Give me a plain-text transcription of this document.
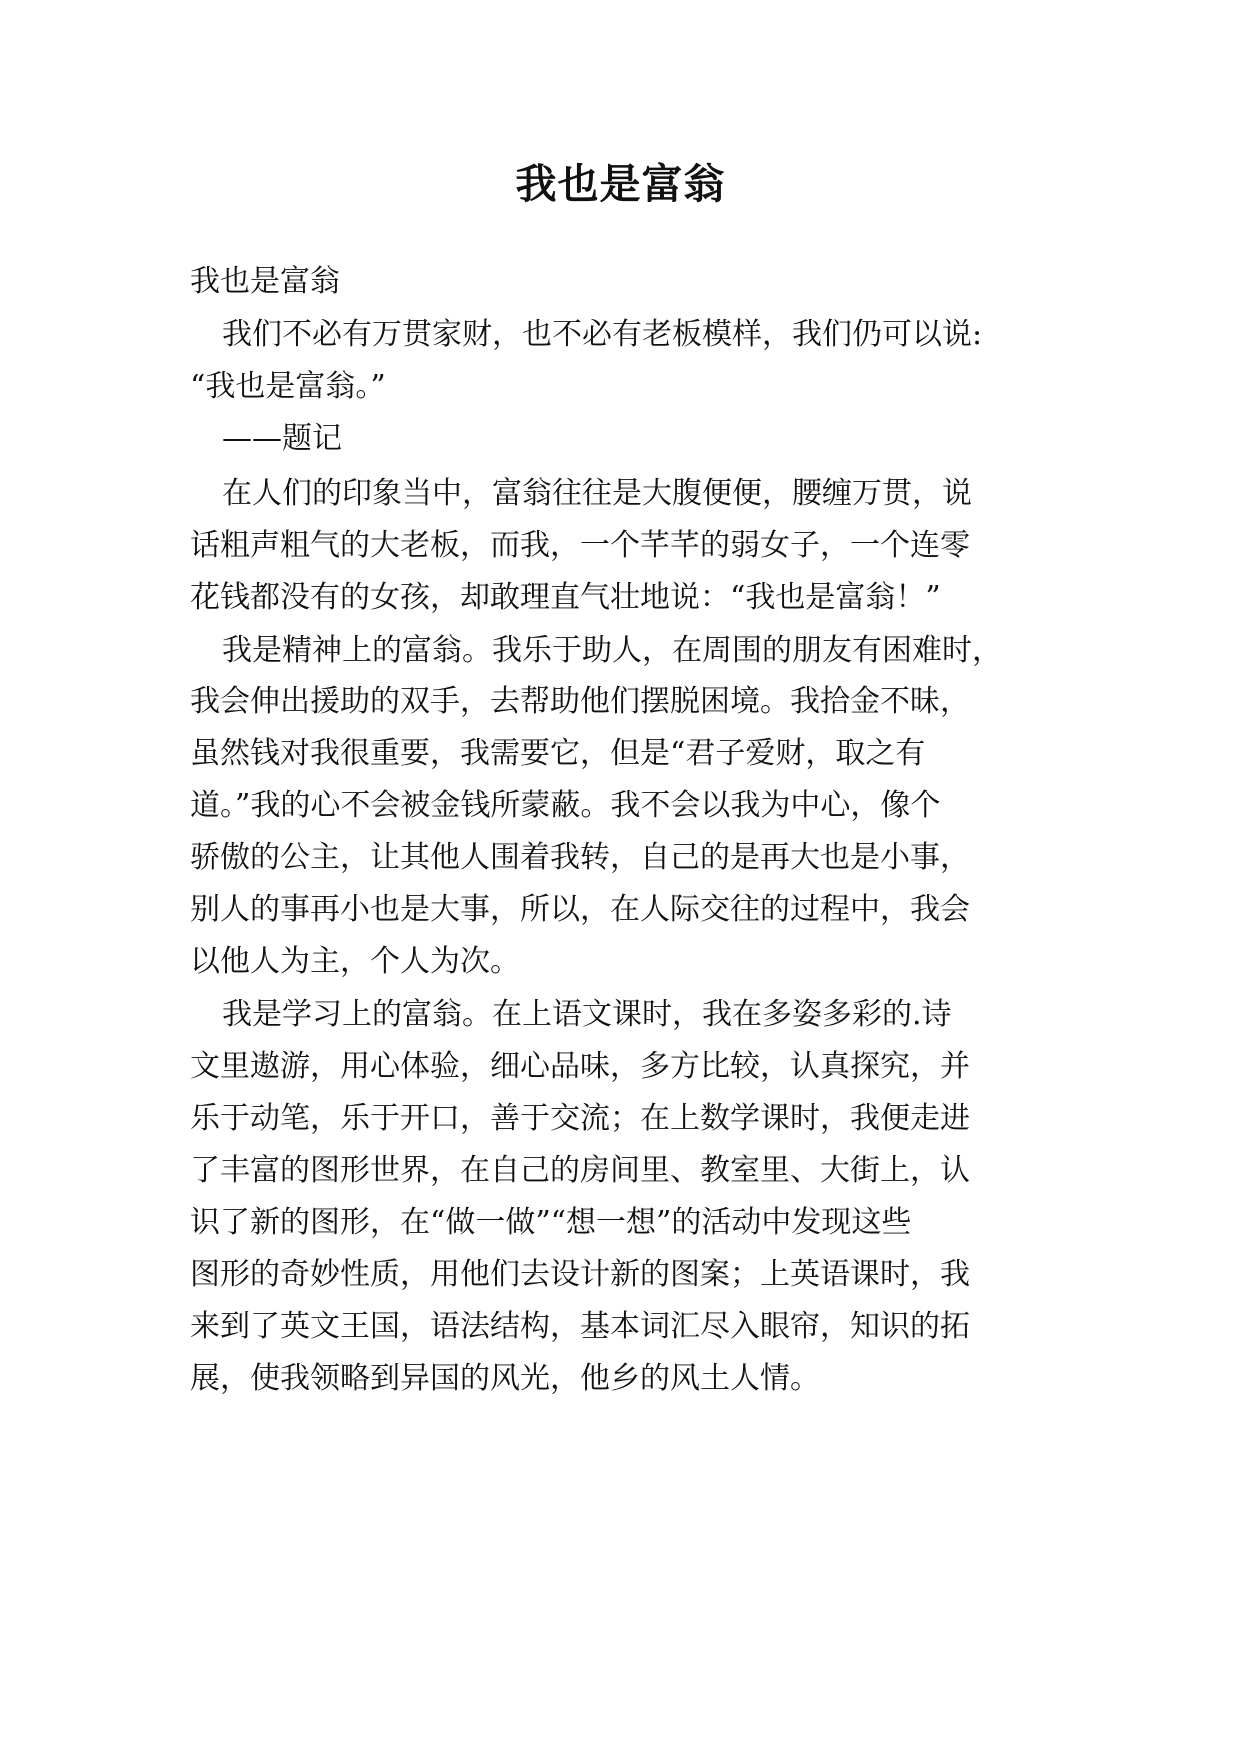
我也是富翁
我也是富翁
我们不必有万贯家财，也不必有老板模样，我们仍可以说:
“我也是富翁。”
——题记
在人们的印象当中，富翁往往是大腹便便，腰缠万贯，说
话粗声粗气的大老板，而我，一个芊芊的弱女子，一个连零
花钱都没有的女孩，却敢理直气壮地说：“我也是富翁！”
我是精神上的富翁。我乐于助人，在周围的朋友有困难时，
我会伸出援助的双手，去帮助他们摆脱困境。我拾金不昧，
虽然钱对我很重要，我需要它，但是“君子爱财，取之有
道。”我的心不会被金钱所蒙蔽。我不会以我为中心，像个
骄傲的公主，让其他人围着我转，自己的是再大也是小事，
别人的事再小也是大事，所以，在人际交往的过程中，我会
以他人为主，个人为次。
我是学习上的富翁。在上语文课时，我在多姿多彩的.诗
文里遨游，用心体验，细心品味，多方比较，认真探究，并
乐于动笔，乐于开口，善于交流；在上数学课时，我便走进
了丰富的图形世界，在自己的房间里、教室里、大街上，认
识了新的图形，在“做一做”“想一想”的活动中发现这些
图形的奇妙性质，用他们去设计新的图案；上英语课时，我
来到了英文王国，语法结构，基本词汇尽入眼帘，知识的拓
展，使我领略到异国的风光，他乡的风土人情。
